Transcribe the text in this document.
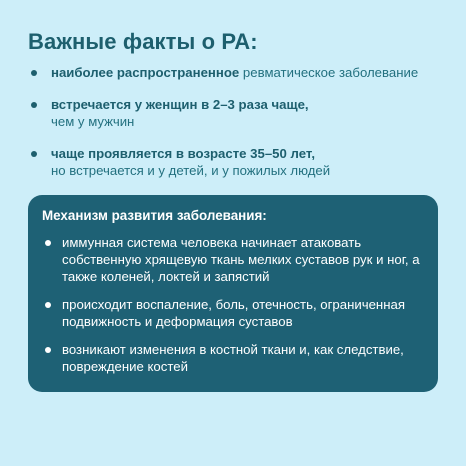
Важные факты о РА:
наиболее распространенное ревматическое заболевание
встречается у женщин в 2–3 раза чаще,
чем у мужчин
чаще проявляется в возрасте 35–50 лет,
но встречается и у детей, и у пожилых людей
Механизм развития заболевания:
иммунная система человека начинает атаковать собственную хрящевую ткань мелких суставов рук и ног, а также коленей, локтей и запястий
происходит воспаление, боль, отечность, ограниченная подвижность и деформация суставов
возникают изменения в костной ткани и, как следствие, повреждение костей
